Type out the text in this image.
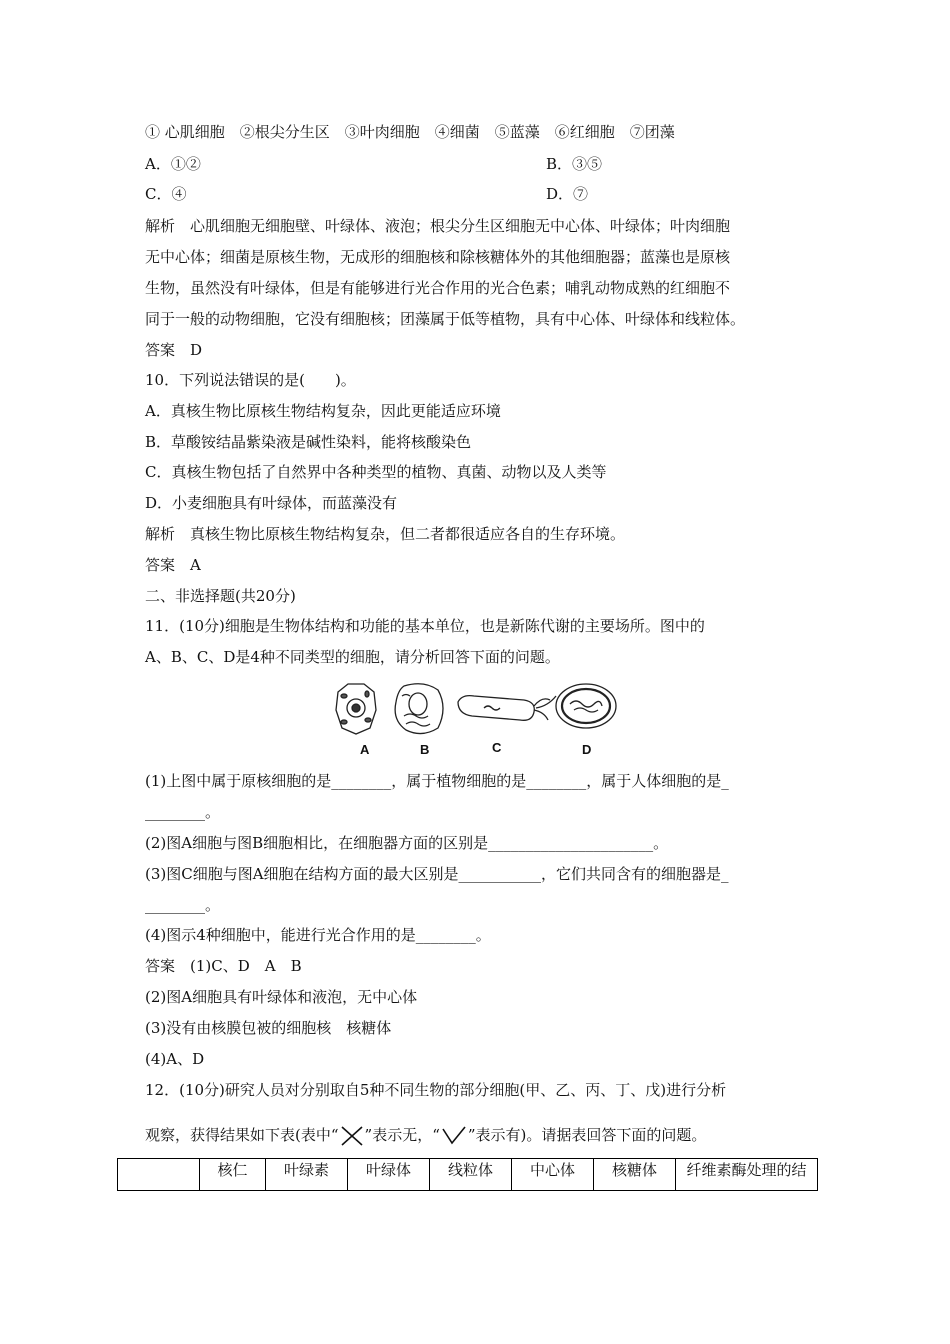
① 心肌细胞　②根尖分生区　③叶肉细胞　④细菌　⑤蓝藻　⑥红细胞　⑦团藻
A．①②	B．③⑤
C．④	D．⑦
解析　心肌细胞无细胞壁、叶绿体、液泡；根尖分生区细胞无中心体、叶绿体；叶肉细胞
无中心体；细菌是原核生物，无成形的细胞核和除核糖体外的其他细胞器；蓝藻也是原核
生物，虽然没有叶绿体，但是有能够进行光合作用的光合色素；哺乳动物成熟的红细胞不
同于一般的动物细胞，它没有细胞核；团藻属于低等植物，具有中心体、叶绿体和线粒体。
答案　D
10．下列说法错误的是(　　)。
A．真核生物比原核生物结构复杂，因此更能适应环境
B．草酸铵结晶紫染液是碱性染料，能将核酸染色
C．真核生物包括了自然界中各种类型的植物、真菌、动物以及人类等
D．小麦细胞具有叶绿体，而蓝藻没有
解析　真核生物比原核生物结构复杂，但二者都很适应各自的生存环境。
答案　A
二、非选择题(共20分)
11．(10分)细胞是生物体结构和功能的基本单位，也是新陈代谢的主要场所。图中的
A、B、C、D是4种不同类型的细胞，请分析回答下面的问题。
A	B	C	D
(1)上图中属于原核细胞的是________，属于植物细胞的是________，属于人体细胞的是_
________。
(2)图A细胞与图B细胞相比，在细胞器方面的区别是______________________。
(3)图C细胞与图A细胞在结构方面的最大区别是___________，它们共同含有的细胞器是_
________。
(4)图示4种细胞中，能进行光合作用的是________。
答案　(1)C、D　A　B
(2)图A细胞具有叶绿体和液泡，无中心体
(3)没有由核膜包被的细胞核　核糖体
(4)A、D
12．(10分)研究人员对分别取自5种不同生物的部分细胞(甲、乙、丙、丁、戊)进行分析
观察，获得结果如下表(表中“ ”表示无，“ ”表示有)。请据表回答下面的问题。
	核仁	叶绿素	叶绿体	线粒体	中心体	核糖体	纤维素酶处理的结
